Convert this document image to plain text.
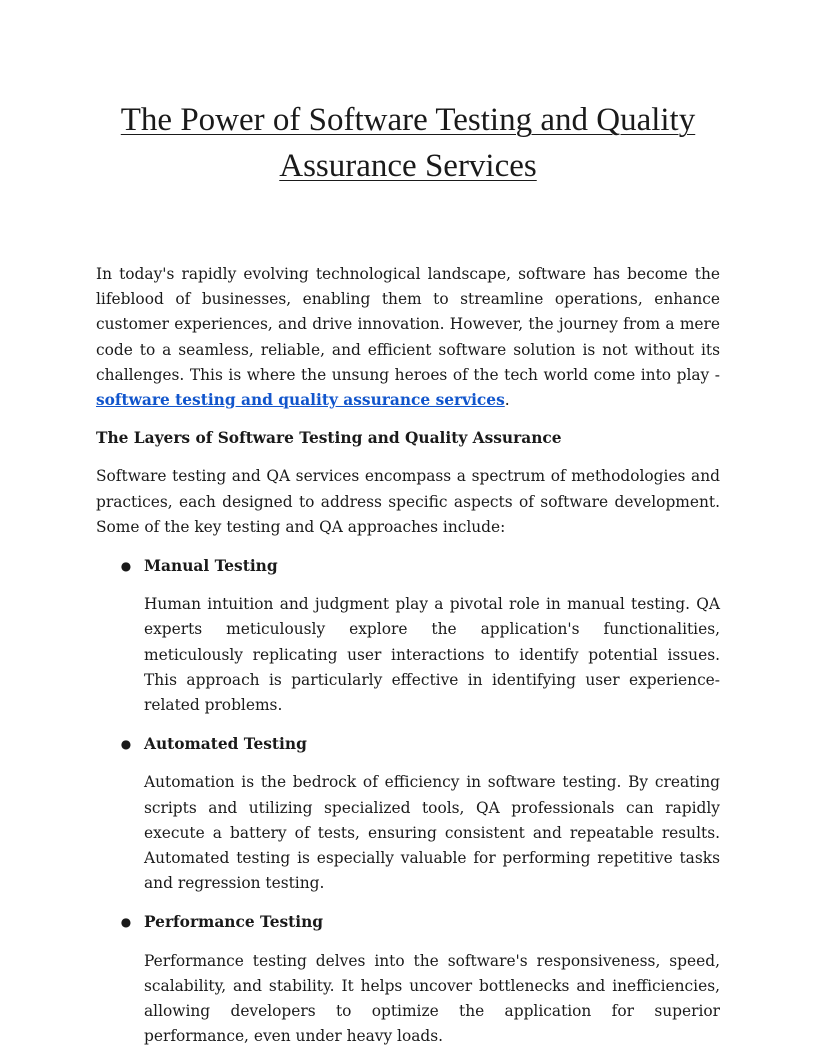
The Power of Software Testing and Quality Assurance Services

In today's rapidly evolving technological landscape, software has become the lifeblood of businesses, enabling them to streamline operations, enhance customer experiences, and drive innovation. However, the journey from a mere code to a seamless, reliable, and efficient software solution is not without its challenges. This is where the unsung heroes of the tech world come into play - software testing and quality assurance services.

The Layers of Software Testing and Quality Assurance

Software testing and QA services encompass a spectrum of methodologies and practices, each designed to address specific aspects of software development. Some of the key testing and QA approaches include:

● Manual Testing

Human intuition and judgment play a pivotal role in manual testing. QA experts meticulously explore the application's functionalities, meticulously replicating user interactions to identify potential issues. This approach is particularly effective in identifying user experience-related problems.

● Automated Testing

Automation is the bedrock of efficiency in software testing. By creating scripts and utilizing specialized tools, QA professionals can rapidly execute a battery of tests, ensuring consistent and repeatable results. Automated testing is especially valuable for performing repetitive tasks and regression testing.

● Performance Testing

Performance testing delves into the software's responsiveness, speed, scalability, and stability. It helps uncover bottlenecks and inefficiencies, allowing developers to optimize the application for superior performance, even under heavy loads.
